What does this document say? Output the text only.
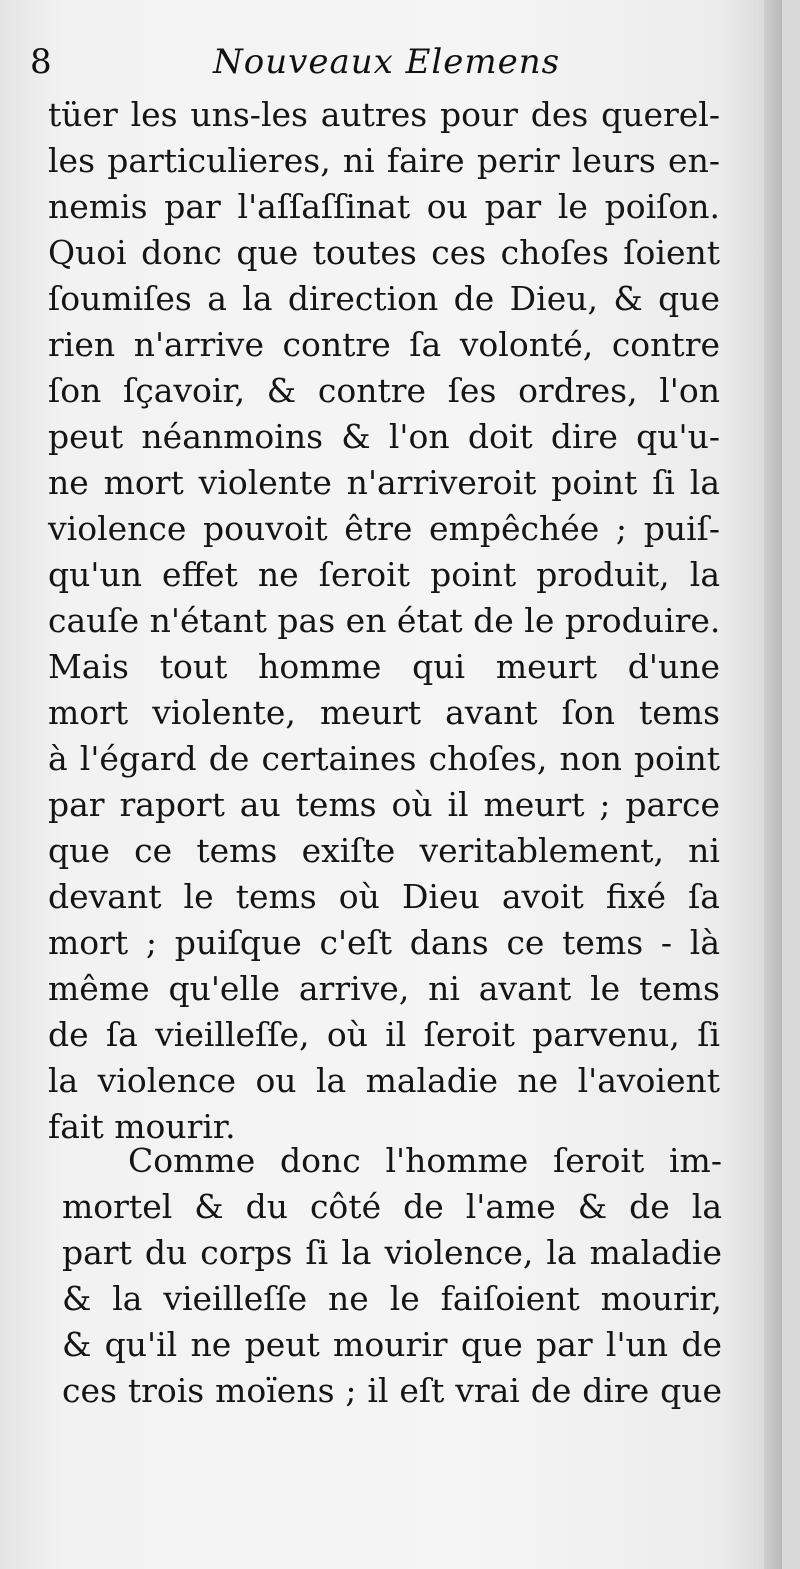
8	Nouveaux Elemens
tüer les uns-les autres pour des querel-
les particulieres, ni faire perir leurs en-
nemis par l'aſſaſſinat ou par le poiſon.
Quoi donc que toutes ces choſes ſoient
ſoumiſes a la direction de Dieu, & que
rien n'arrive contre ſa volonté, contre
ſon ſçavoir, & contre ſes ordres, l'on
peut néanmoins & l'on doit dire qu'u-
ne mort violente n'arriveroit point ſi la
violence pouvoit être empêchée ; puiſ-
qu'un effet ne ſeroit point produit, la
cauſe n'étant pas en état de le produire.
Mais tout homme qui meurt d'une
mort violente, meurt avant ſon tems
à l'égard de certaines choſes, non point
par raport au tems où il meurt ; parce
que ce tems exiſte veritablement, ni
devant le tems où Dieu avoit fixé ſa
mort ; puiſque c'eſt dans ce tems - là
même qu'elle arrive, ni avant le tems
de ſa vieilleſſe, où il ſeroit parvenu, ſi
la violence ou la maladie ne l'avoient
fait mourir.
Comme donc l'homme ſeroit im-
mortel & du côté de l'ame & de la
part du corps ſi la violence, la maladie
& la vieilleſſe ne le faiſoient mourir,
& qu'il ne peut mourir que par l'un de
ces trois moïens ; il eſt vrai de dire que
